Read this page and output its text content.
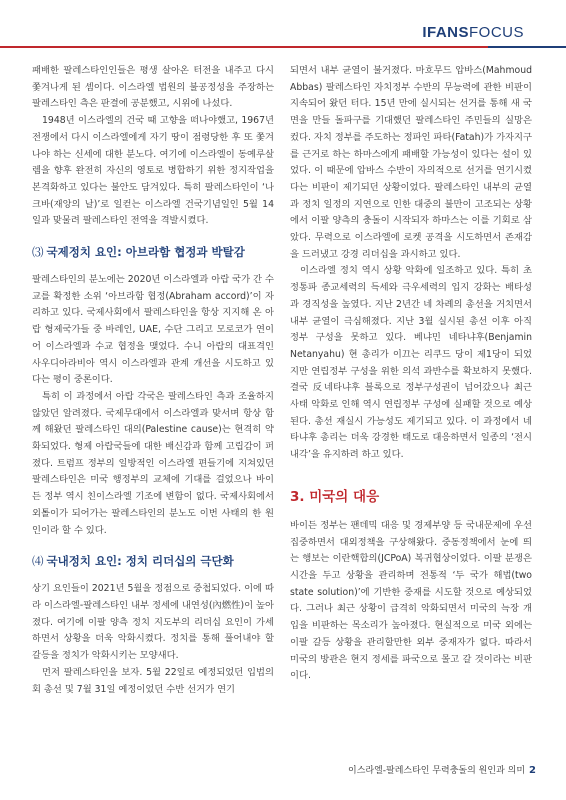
IFANSFOCUS

패배한 팔레스타인인들은 평생 살아온 터전을 내주고 다시 쫓겨나게 된 셈이다. 이스라엘 법원의 불공정성을 주장하는 팔레스타인 측은 판결에 공분했고, 시위에 나섰다.

1948년 이스라엘의 건국 때 고향을 떠나야했고, 1967년 전쟁에서 다시 이스라엘에게 자기 땅이 점령당한 후 또 쫓겨나야 하는 신세에 대한 분노다. 여기에 이스라엘이 동예루살렘을 향후 완전히 자신의 영토로 병합하기 위한 정지작업을 본격화하고 있다는 불안도 담겨있다. 특히 팔레스타인이 ‘나크바(재앙의 날)’로 일컫는 이스라엘 건국기념일인 5월 14일과 맞물려 팔레스타인 전역을 격발시켰다.

⑶ 국제정치 요인: 아브라함 협정과 박탈감

팔레스타인의 분노에는 2020년 이스라엘과 아랍 국가 간 수교를 확정한 소위 ‘아브라함 협정(Abraham accord)’이 자리하고 있다. 국제사회에서 팔레스타인을 항상 지지해 온 아랍 형제국가들 중 바레인, UAE, 수단 그리고 모로코가 연이어 이스라엘과 수교 협정을 맺었다. 수니 아랍의 대표격인 사우디아라비아 역시 이스라엘과 관계 개선을 시도하고 있다는 평이 중론이다.

특히 이 과정에서 아랍 각국은 팔레스타인 측과 조율하지 않았던 알려졌다. 국제무대에서 이스라엘과 맞서며 항상 함께 해왔던 팔레스타인 대의(Palestine cause)는 현격히 약화되었다. 형제 아랍국들에 대한 배신감과 함께 고립감이 퍼졌다. 트럼프 정부의 일방적인 이스라엘 편들기에 지쳐있던 팔레스타인은 미국 행정부의 교체에 기대를 걸었으나 바이든 정부 역시 친이스라엘 기조에 변함이 없다. 국제사회에서 외톨이가 되어가는 팔레스타인의 분노도 이번 사태의 한 원인이라 할 수 있다.

⑷ 국내정치 요인: 정치 리더십의 극단화

상기 요인들이 2021년 5월을 정점으로 중첩되었다. 이에 따라 이스라엘-팔레스타인 내부 정세에 내연성(內燃性)이 높아졌다. 여기에 이팔 양측 정치 지도부의 리더십 요인이 가세하면서 상황을 더욱 악화시켰다. 정치를 통해 풀어내야 할 갈등을 정치가 악화시키는 모양새다.

먼저 팔레스타인을 보자. 5월 22일로 예정되었던 입법의회 총선 및 7월 31일 예정이었던 수반 선거가 연기

되면서 내부 균열이 불거졌다. 마흐무드 압바스(Mahmoud Abbas) 팔레스타인 자치정부 수반의 무능력에 관한 비판이 지속되어 왔던 터다. 15년 만에 실시되는 선거를 통해 새 국면을 만들 돌파구를 기대했던 팔레스타인 주민들의 실망은 컸다. 자치 정부를 주도하는 정파인 파타(Fatah)가 가자지구를 근거로 하는 하마스에게 패배할 가능성이 있다는 설이 있었다. 이 때문에 압바스 수반이 자의적으로 선거를 연기시켰다는 비판이 제기되던 상황이었다. 팔레스타인 내부의 균열과 정치 일정의 지연으로 인한 대중의 불만이 고조되는 상황에서 이팔 양측의 충돌이 시작되자 하마스는 이를 기회로 삼았다. 무력으로 이스라엘에 로켓 공격을 시도하면서 존재감을 드러냈고 강경 리더십을 과시하고 있다.

이스라엘 정치 역시 상황 악화에 일조하고 있다. 특히 초정통파 종교세력의 득세와 극우세력의 입지 강화는 배타성과 경직성을 높였다. 지난 2년간 네 차례의 총선을 거치면서 내부 균열이 극심해졌다. 지난 3월 실시된 총선 이후 아직 정부 구성을 못하고 있다. 베냐민 네타냐후(Benjamin Netanyahu) 현 총리가 이끄는 리쿠드 당이 제1당이 되었지만 연립정부 구성을 위한 의석 과반수를 확보하지 못했다. 결국 反네타냐후 블록으로 정부구성권이 넘어갔으나 최근 사태 악화로 인해 역시 연립정부 구성에 실패할 것으로 예상된다. 총선 재실시 가능성도 제기되고 있다. 이 과정에서 네타냐후 총리는 더욱 강경한 태도로 대응하면서 일종의 ‘전시내각’을 유지하려 하고 있다.

3. 미국의 대응

바이든 정부는 팬데믹 대응 및 경제부양 등 국내문제에 우선 집중하면서 대외정책을 구상해왔다. 중동정책에서 눈에 띄는 행보는 이란핵합의(JCPoA) 복귀협상이었다. 이팔 분쟁은 시간을 두고 상황을 관리하며 전통적 ‘두 국가 해법(two state solution)’에 기반한 중재를 시도할 것으로 예상되었다. 그러나 최근 상황이 급격히 악화되면서 미국의 늑장 개입을 비판하는 목소리가 높아졌다. 현실적으로 미국 외에는 이팔 갈등 상황을 관리할만한 외부 중재자가 없다. 따라서 미국의 방관은 현지 정세를 파국으로 몰고 갈 것이라는 비판이다.

이스라엘-팔레스타인 무력충돌의 원인과 의미 2
